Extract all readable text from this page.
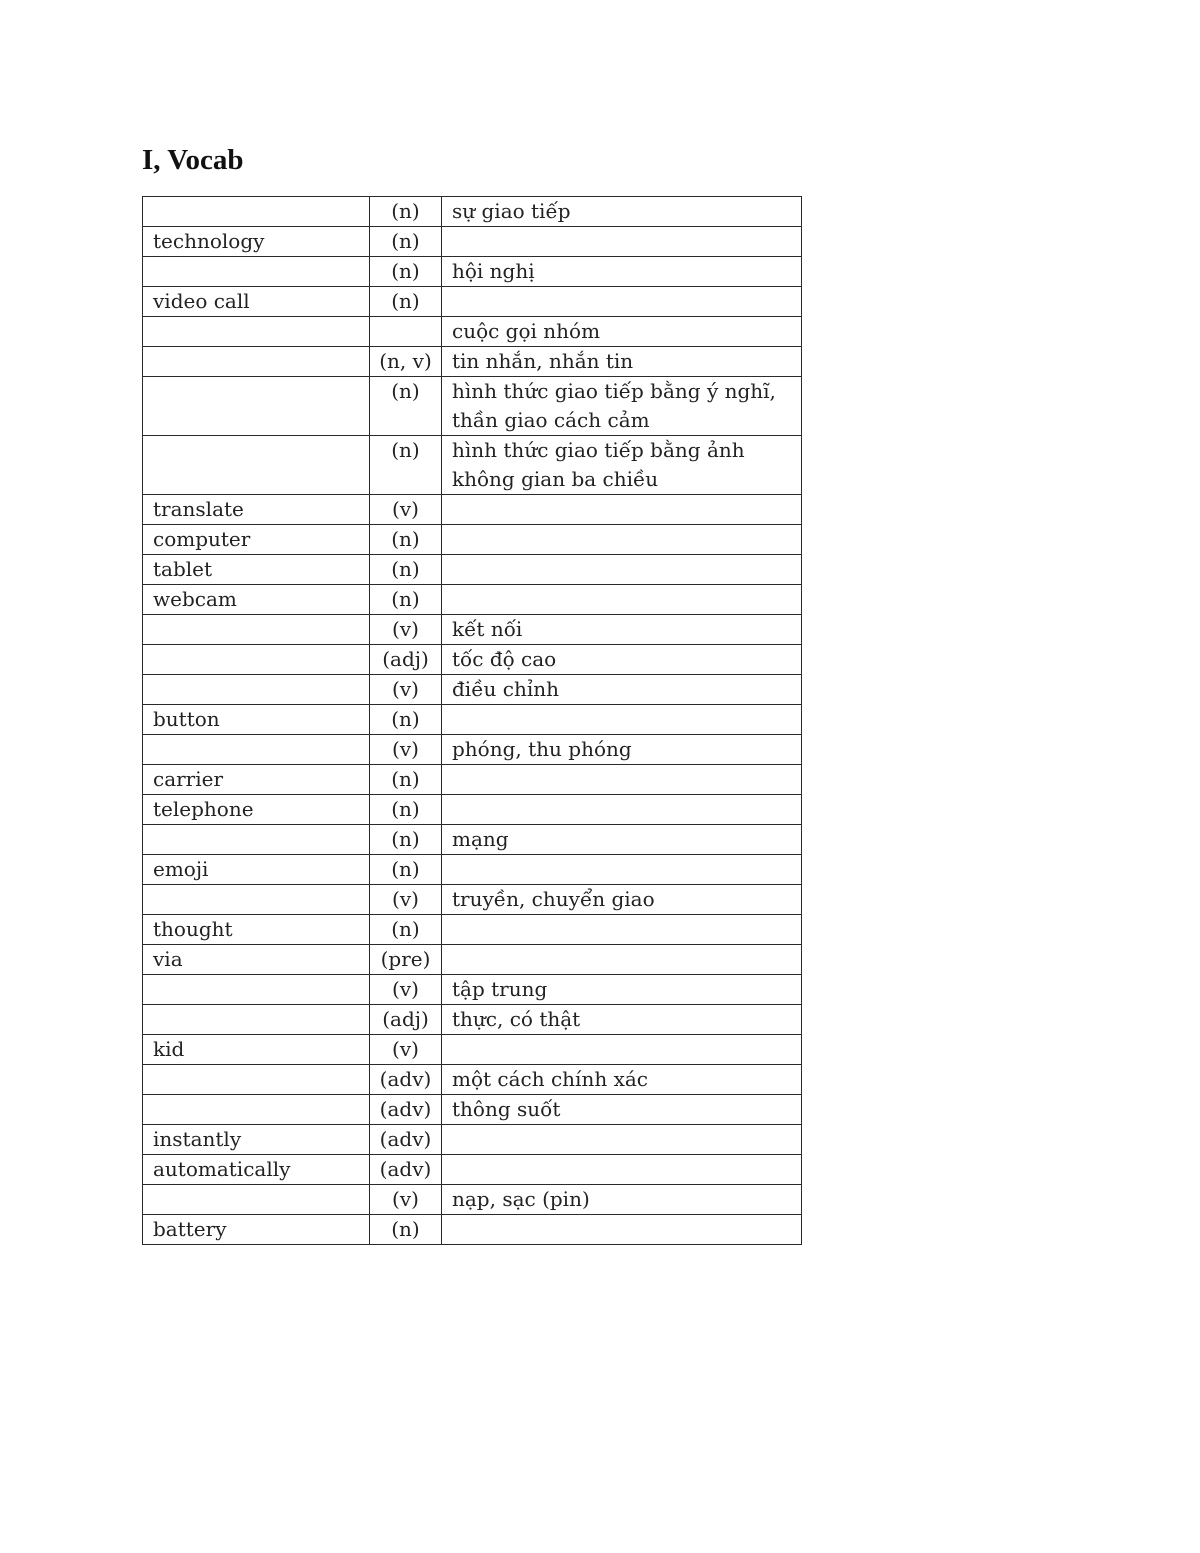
I, Vocab
	(n)	sự giao tiếp
technology	(n)	
	(n)	hội nghị
video call	(n)	
		cuộc gọi nhóm
	(n, v)	tin nhắn, nhắn tin
	(n)	hình thức giao tiếp bằng ý nghĩ, thần giao cách cảm
	(n)	hình thức giao tiếp bằng ảnh không gian ba chiều
translate	(v)	
computer	(n)	
tablet	(n)	
webcam	(n)	
	(v)	kết nối
	(adj)	tốc độ cao
	(v)	điều chỉnh
button	(n)	
	(v)	phóng, thu phóng
carrier	(n)	
telephone	(n)	
	(n)	mạng
emoji	(n)	
	(v)	truyền, chuyển giao
thought	(n)	
via	(pre)	
	(v)	tập trung
	(adj)	thực, có thật
kid	(v)	
	(adv)	một cách chính xác
	(adv)	thông suốt
instantly	(adv)	
automatically	(adv)	
	(v)	nạp, sạc (pin)
battery	(n)	
